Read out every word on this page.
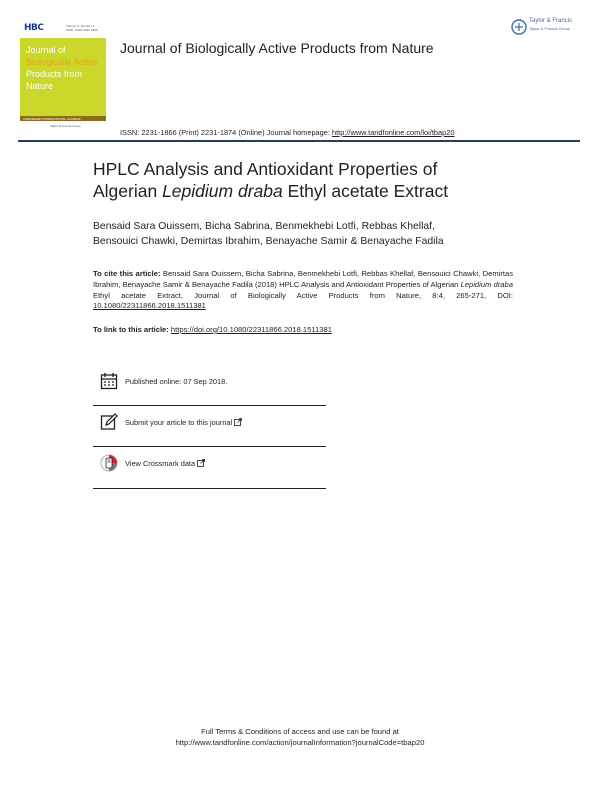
HBC	Volume 8 · Number 4 · 2018 · ISSN 2231-1866
Journal of
Biologically Active
Products from
Nature
A REVIEWED INTERNATIONAL JOURNAL
Taylor & Francis Group
Journal of Biologically Active Products from Nature
Taylor & Francis
Taylor & Francis Group
ISSN: 2231-1866 (Print) 2231-1874 (Online) Journal homepage: http://www.tandfonline.com/loi/tbap20
HPLC Analysis and Antioxidant Properties of
Algerian Lepidium draba Ethyl acetate Extract
Bensaid Sara Ouissem, Bicha Sabrina, Benmekhebi Lotfi, Rebbas Khellaf,
Bensouici Chawki, Demirtas Ibrahim, Benayache Samir & Benayache Fadila
To cite this article: Bensaid Sara Ouissem, Bicha Sabrina, Benmekhebi Lotfi, Rebbas Khellaf, Bensouici Chawki, Demirtas Ibrahim, Benayache Samir & Benayache Fadila (2018) HPLC Analysis and Antioxidant Properties of Algerian Lepidium draba Ethyl acetate Extract, Journal of Biologically Active Products from Nature, 8:4, 265-271, DOI: 10.1080/22311866.2018.1511381
To link to this article: https://doi.org/10.1080/22311866.2018.1511381
Published online: 07 Sep 2018.
Submit your article to this journal
View Crossmark data
Full Terms & Conditions of access and use can be found at
http://www.tandfonline.com/action/journalInformation?journalCode=tbap20
